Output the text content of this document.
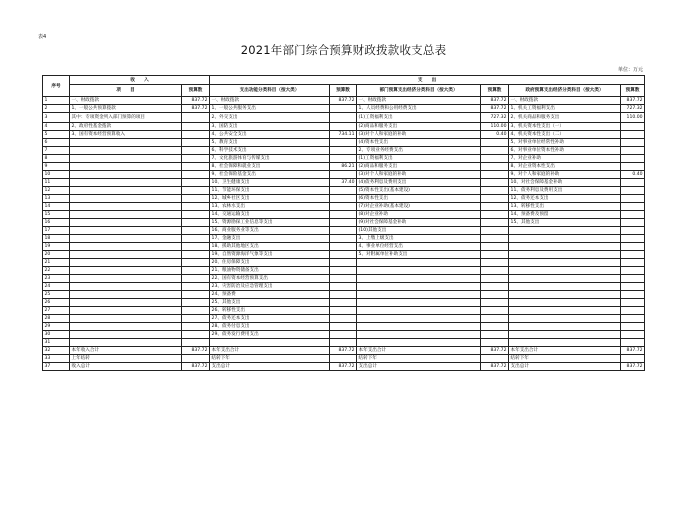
表4
2021年部门综合预算财政拨款收支总表
单位：万元
序号	收　　入		支　　出					
	项　　目	预算数	支出功能分类科目（按大类）	预算数	部门预算支出经济分类科目（按大类）	预算数	政府预算支出经济分类科目（按大类）	预算数
1	一、财政拨款	837.72	一、财政拨款	837.72	一、财政拨款	837.72	一、财政拨款	837.72
2	1、一般公共预算拨款	837.72	1、一般公共服务支出		1、人员经费和公用经费支出	837.72	1、机关工资福利支出	727.32
3	其中：专项资金列入部门预算的项目		2、外交支出		(1)工资福利支出	727.32	2、机关商品和服务支出	110.00
4	2、政府性基金拨款		3、国防支出		(2)商品和服务支出	110.00	3、机关资本性支出（一）	
5	3、国有资本经营预算收入		4、公共安全支出	734.11	(3)对个人和家庭的补助	0.40	4、机关资本性支出（二）	
6			5、教育支出		(4)资本性支出		5、对事业单位经常性补助	
7			6、科学技术支出		2、专项业务经费支出		6、对事业单位资本性补助	
8			7、文化旅游体育与传媒支出		(1)工资福利支出		7、对企业补助	
9			8、社会保障和就业支出	86.21	(2)商品和服务支出		8、对企业资本性支出	
10			9、社会保险基金支出		(3)对个人和家庭的补助		9、对个人和家庭的补助	0.40
11			10、卫生健康支出	37.40	(4)债务利息及费用支出		10、对社会保障基金补助	
12			11、节能环保支出		(5)资本性支出(基本建设)		11、债务利息及费用支出	
13			12、城乡社区支出		(6)资本性支出		12、债务还本支出	
14			13、农林水支出		(7)对企业补助(基本建设)		13、转移性支出	
15			14、交通运输支出		(8)对企业补助		14、预备费及预留	
16			15、资源勘探工业信息等支出		(9)对社会保障基金补助		15、其他支出	
17			16、商业服务业等支出		(10)其他支出			
18			17、金融支出		3、上缴上级支出			
19			18、援助其他地区支出		4、事业单位经营支出			
20			19、自然资源海洋气象等支出		5、对附属单位补助支出			
21			20、住房保障支出					
22			21、粮油物资储备支出					
23			22、国有资本经营预算支出					
24			23、灾害防治及应急管理支出					
25			24、预备费					
26			25、其他支出					
27			26、转移性支出					
28			27、债务还本支出					
29			28、债务付息支出					
30			29、债务发行费用支出					
31								
32	本年收入合计	837.72	本年支出合计	837.72	本年支出合计	837.72	本年支出合计	837.72
33	上年结转		结转下年		结转下年		结转下年	
37	收入总计	837.72	支出总计	837.72	支出总计	837.72	支出总计	837.72
